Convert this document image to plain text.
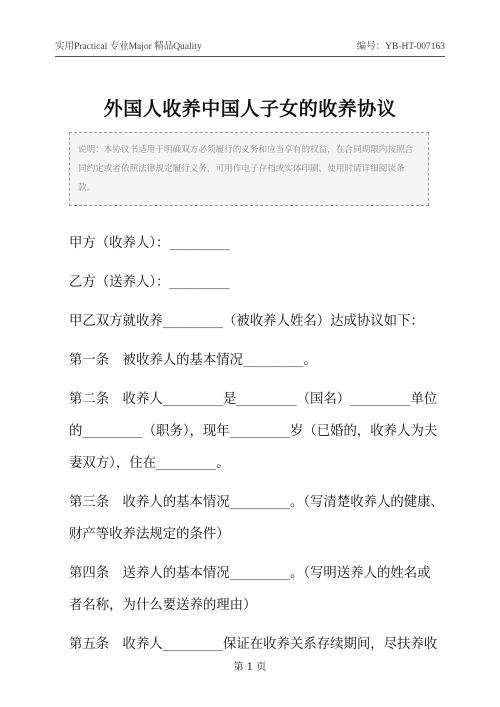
实用Practical 专业Major 精品Quality	编号：YB-HT-007163
外国人收养中国人子女的收养协议
说明：本协议书适用于明确双方必须履行的义务和应当享有的权益，在合同期限内按照合同约定或者依照法律规定履行义务，可用作电子存档或实体印刷，使用时请详细阅读条款。
甲方（收养人）：_________
乙方（送养人）：_________
甲乙双方就收养_________（被收养人姓名）达成协议如下：
第一条　被收养人的基本情况_________。
第二条　收养人_________是_________（国名）_________单位
的_________（职务），现年_________岁（已婚的，收养人为夫
妻双方），住在_________。
第三条　收养人的基本情况_________。（写清楚收养人的健康、
财产等收养法规定的条件）
第四条　送养人的基本情况_________。（写明送养人的姓名或
者名称，为什么要送养的理由）
第五条　收养人_________保证在收养关系存续期间，尽扶养收
第 1 页
